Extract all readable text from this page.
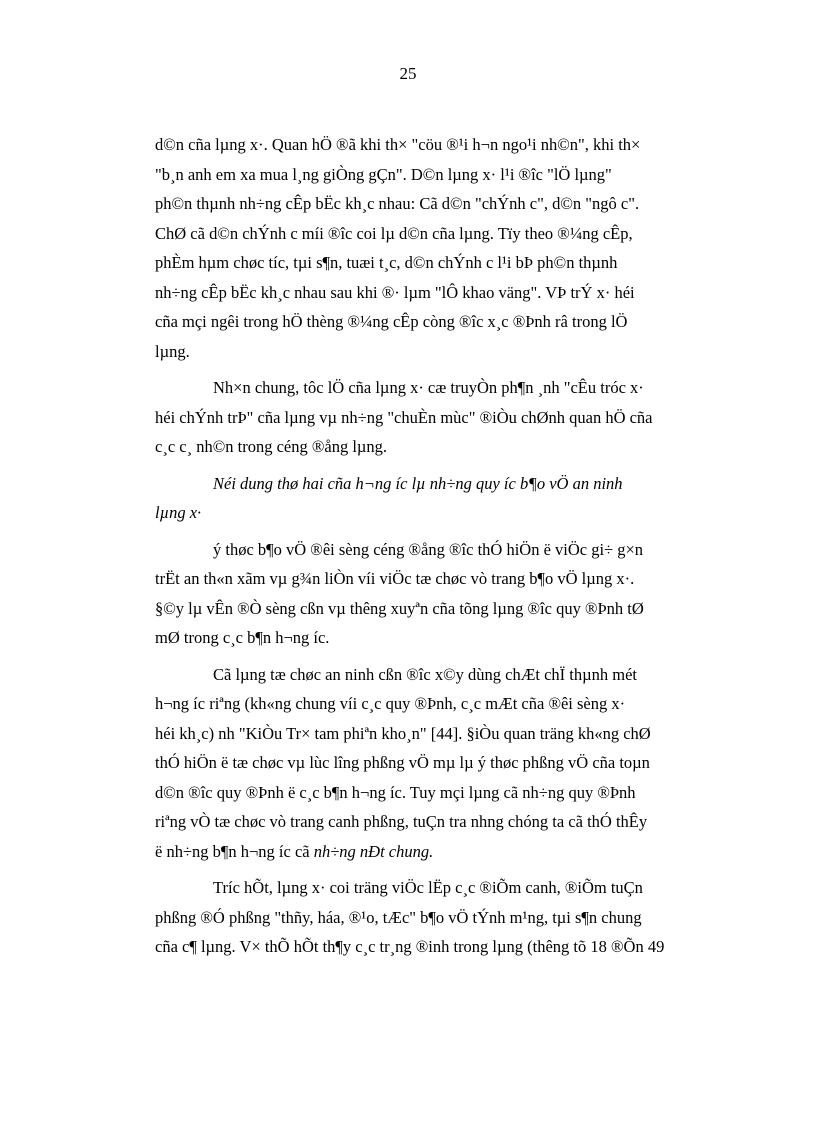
25

d©n cña lµng x·. Quan hÖ ®ã khi th× "cöu ®¹i h¬n ngo¹i nh©n", khi th×
"b¸n anh em xa mua l¸ng giÒng gÇn". D©n lµng x· l¹i ®îc "lÖ lµng"
ph©n thµnh nh÷ng cÊp bËc kh¸c nhau: Cã d©n "chÝnh c", d©n "ngô c".
ChØ cã d©n chÝnh c míi ®îc coi lµ d©n cña lµng. Tïy theo ®¼ng cÊp,
phÈm hµm chøc tíc, tµi s¶n, tuæi t¸c, d©n chÝnh c l¹i bÞ ph©n thµnh
nh÷ng cÊp bËc kh¸c nhau sau khi ®· lµm "lÔ khao väng". VÞ trÝ x· héi
cña mçi ngêi trong hÖ thèng ®¼ng cÊp còng ®îc x¸c ®Þnh râ trong lÖ
lµng.

Nh×n chung, tôc lÖ cña lµng x· cæ truyÒn ph¶n ¸nh "cÊu tróc x·
héi chÝnh trÞ" cña lµng vµ nh÷ng "chuÈn mùc" ®iÒu chØnh quan hÖ cña
c¸c c¸ nh©n trong céng ®ång lµng.

Néi dung thø hai cña h¬ng íc lµ nh÷ng quy íc b¶o vÖ an ninh
lµng x·

ý thøc b¶o vÖ ®êi sèng céng ®ång ®îc thÓ hiÖn ë viÖc gi÷ g×n
trËt an th«n xãm vµ g¾n liÒn víi viÖc tæ chøc vò trang b¶o vÖ lµng x·.
§©y lµ vÊn ®Ò sèng cßn vµ thêng xuyªn cña tõng lµng ®îc quy ®Þnh tØ
mØ trong c¸c b¶n h¬ng íc.

Cã lµng tæ chøc an ninh cßn ®îc x©y dùng chÆt chÏ thµnh mét
h¬ng íc riªng (kh«ng chung víi c¸c quy ®Þnh, c¸c mÆt cña ®êi sèng x·
héi kh¸c) nh "KiÒu Tr× tam phiªn kho¸n" [44]. §iÒu quan träng kh«ng chØ
thÓ hiÖn ë tæ chøc vµ lùc lîng phßng vÖ mµ lµ ý thøc phßng vÖ cña toµn
d©n ®îc quy ®Þnh ë c¸c b¶n h¬ng íc. Tuy mçi lµng cã nh÷ng quy ®Þnh
riªng vÒ tæ chøc vò trang canh phßng, tuÇn tra nhng chóng ta cã thÓ thÊy
ë nh÷ng b¶n h¬ng íc cã nh÷ng nÐt chung.

Tríc hÕt, lµng x· coi träng viÖc lËp c¸c ®iÕm canh, ®iÕm tuÇn
phßng ®Ó phßng "thñy, háa, ®¹o, tÆc" b¶o vÖ tÝnh m¹ng, tµi s¶n chung
cña c¶ lµng. V× thÕ hÕt th¶y c¸c tr¸ng ®inh trong lµng (thêng tõ 18 ®Õn 49
